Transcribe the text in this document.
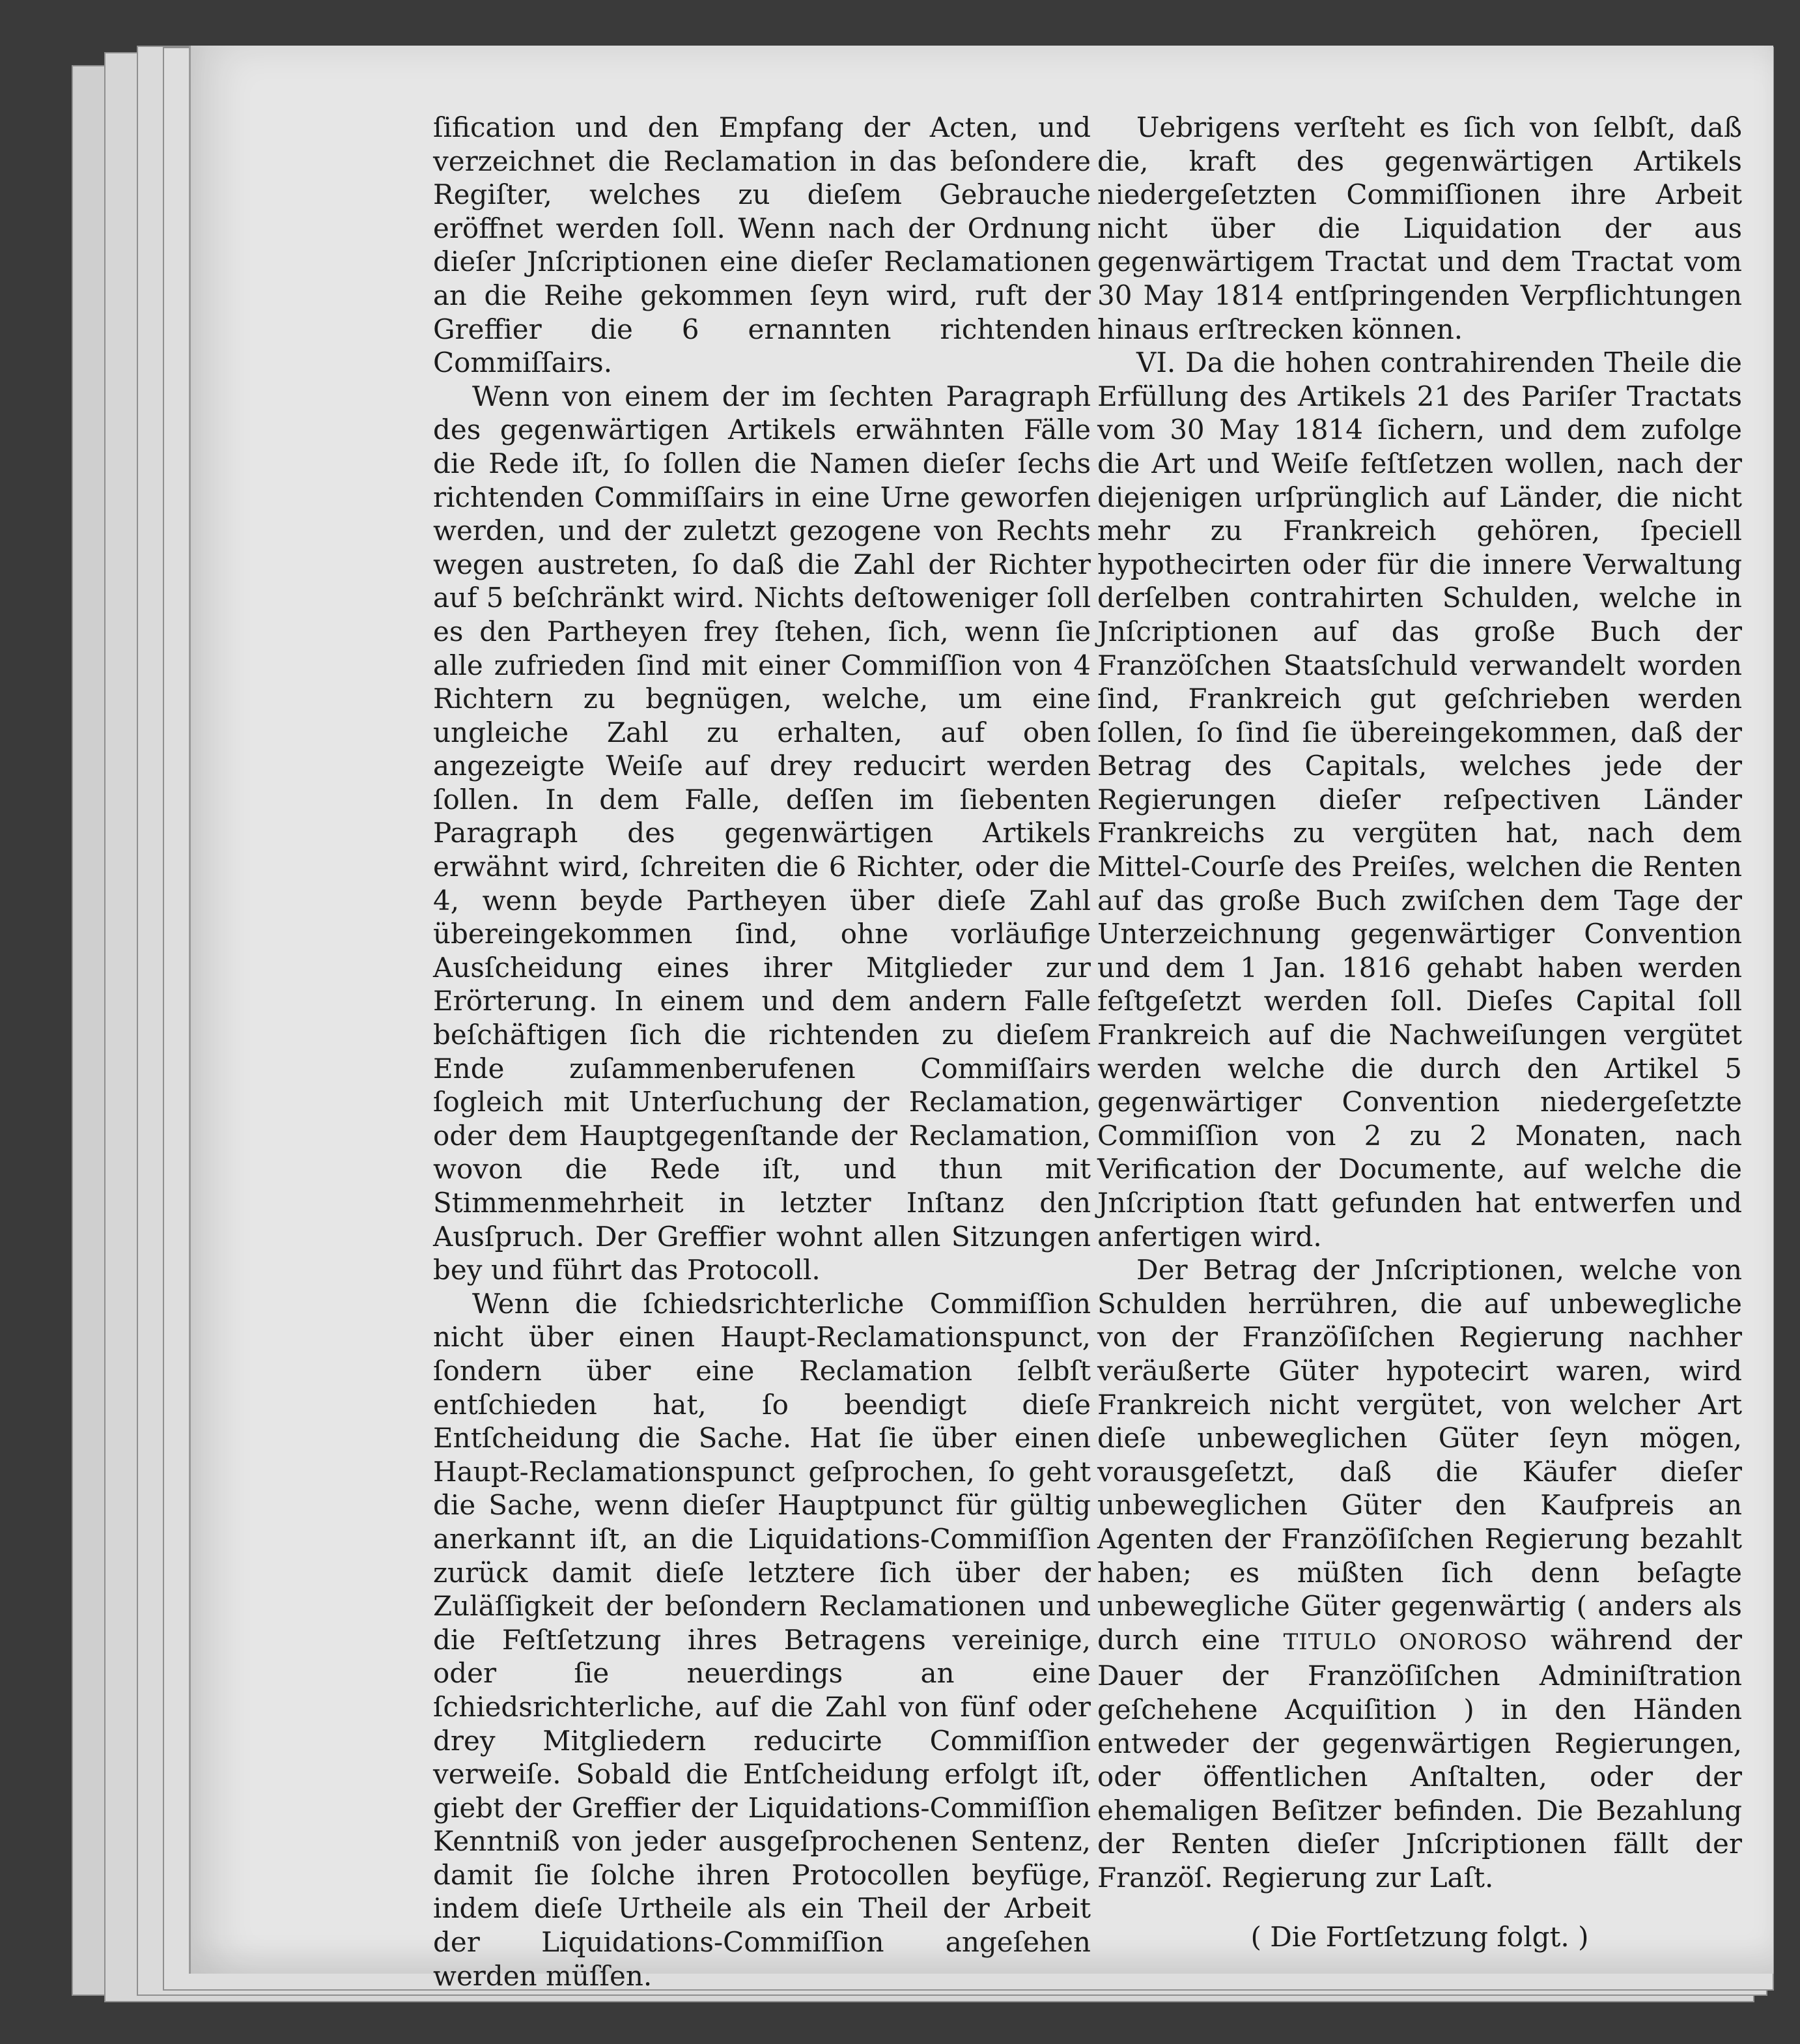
ſification und den Empfang der Acten, und verzeichnet die Reclamation in das beſondere Regiſter, welches zu dieſem Gebrauche eröffnet werden ſoll. Wenn nach der Ordnung dieſer Jnſcriptionen eine dieſer Reclamationen an die Reihe gekommen ſeyn wird, ruft der Greffier die 6 ernannten richtenden Commiſſairs.

Wenn von einem der im ſechten Paragraph des gegenwärtigen Artikels erwähnten Fälle die Rede iſt, ſo ſollen die Namen dieſer ſechs richtenden Commiſſairs in eine Urne geworfen werden, und der zuletzt gezogene von Rechts wegen austreten, ſo daß die Zahl der Richter auf 5 beſchränkt wird. Nichts deſtoweniger ſoll es den Partheyen frey ſtehen, ſich, wenn ſie alle zufrieden ſind mit einer Commiſſion von 4 Richtern zu begnügen, welche, um eine ungleiche Zahl zu erhalten, auf oben angezeigte Weiſe auf drey reducirt werden ſollen. In dem Falle, deſſen im ſiebenten Paragraph des gegenwärtigen Artikels erwähnt wird, ſchreiten die 6 Richter, oder die 4, wenn beyde Partheyen über dieſe Zahl übereingekommen ſind, ohne vorläufige Ausſcheidung eines ihrer Mitglieder zur Erörterung. In einem und dem andern Falle beſchäftigen ſich die richtenden zu dieſem Ende zuſammenberufenen Commiſſairs ſogleich mit Unterſuchung der Reclamation, oder dem Hauptgegenſtande der Reclamation, wovon die Rede iſt, und thun mit Stimmenmehrheit in letzter Inſtanz den Ausſpruch. Der Greffier wohnt allen Sitzungen bey und führt das Protocoll.

Wenn die ſchiedsrichterliche Commiſſion nicht über einen Haupt-Reclamationspunct, ſondern über eine Reclamation ſelbſt entſchieden hat, ſo beendigt dieſe Entſcheidung die Sache. Hat ſie über einen Haupt-Reclamationspunct geſprochen, ſo geht die Sache, wenn dieſer Hauptpunct für gültig anerkannt iſt, an die Liquidations-Commiſſion zurück damit dieſe letztere ſich über der Zuläſſigkeit der beſondern Reclamationen und die Feſtſetzung ihres Betragens vereinige, oder ſie neuerdings an eine ſchiedsrichterliche, auf die Zahl von fünf oder drey Mitgliedern reducirte Commiſſion verweiſe. Sobald die Entſcheidung erfolgt iſt, giebt der Greffier der Liquidations-Commiſſion Kenntniß von jeder ausgeſprochenen Sentenz, damit ſie ſolche ihren Protocollen beyfüge, indem dieſe Urtheile als ein Theil der Arbeit der Liquidations-Commiſſion angeſehen werden müſſen.

Uebrigens verſteht es ſich von ſelbſt, daß die, kraft des gegenwärtigen Artikels niedergeſetzten Commiſſionen ihre Arbeit nicht über die Liquidation der aus gegenwärtigem Tractat und dem Tractat vom 30 May 1814 entſpringenden Verpflichtungen hinaus erſtrecken können.

VI. Da die hohen contrahirenden Theile die Erfüllung des Artikels 21 des Pariſer Tractats vom 30 May 1814 ſichern, und dem zufolge die Art und Weiſe feſtſetzen wollen, nach der diejenigen urſprünglich auf Länder, die nicht mehr zu Frankreich gehören, ſpeciell hypothecirten oder für die innere Verwaltung derſelben contrahirten Schulden, welche in Jnſcriptionen auf das große Buch der Franzöſchen Staatsſchuld verwandelt worden ſind, Frankreich gut geſchrieben werden ſollen, ſo ſind ſie übereingekommen, daß der Betrag des Capitals, welches jede der Regierungen dieſer reſpectiven Länder Frankreichs zu vergüten hat, nach dem Mittel-Courſe des Preiſes, welchen die Renten auf das große Buch zwiſchen dem Tage der Unterzeichnung gegenwärtiger Convention und dem 1 Jan. 1816 gehabt haben werden feſtgeſetzt werden ſoll. Dieſes Capital ſoll Frankreich auf die Nachweiſungen vergütet werden welche die durch den Artikel 5 gegenwärtiger Convention niedergeſetzte Commiſſion von 2 zu 2 Monaten, nach Verification der Documente, auf welche die Jnſcription ſtatt gefunden hat entwerfen und anfertigen wird.

Der Betrag der Jnſcriptionen, welche von Schulden herrühren, die auf unbewegliche von der Franzöſiſchen Regierung nachher veräußerte Güter hypotecirt waren, wird Frankreich nicht vergütet, von welcher Art dieſe unbeweglichen Güter ſeyn mögen, vorausgeſetzt, daß die Käufer dieſer unbeweglichen Güter den Kaufpreis an Agenten der Franzöſiſchen Regierung bezahlt haben; es müßten ſich denn beſagte unbewegliche Güter gegenwärtig ( anders als durch eine TITULO ONOROSO während der Dauer der Franzöſiſchen Adminiſtration geſchehene Acquiſition ) in den Händen entweder der gegenwärtigen Regierungen, oder öffentlichen Anſtalten, oder der ehemaligen Beſitzer befinden. Die Bezahlung der Renten dieſer Jnſcriptionen fällt der Franzöſ. Regierung zur Laſt.

( Die Fortſetzung folgt. )
